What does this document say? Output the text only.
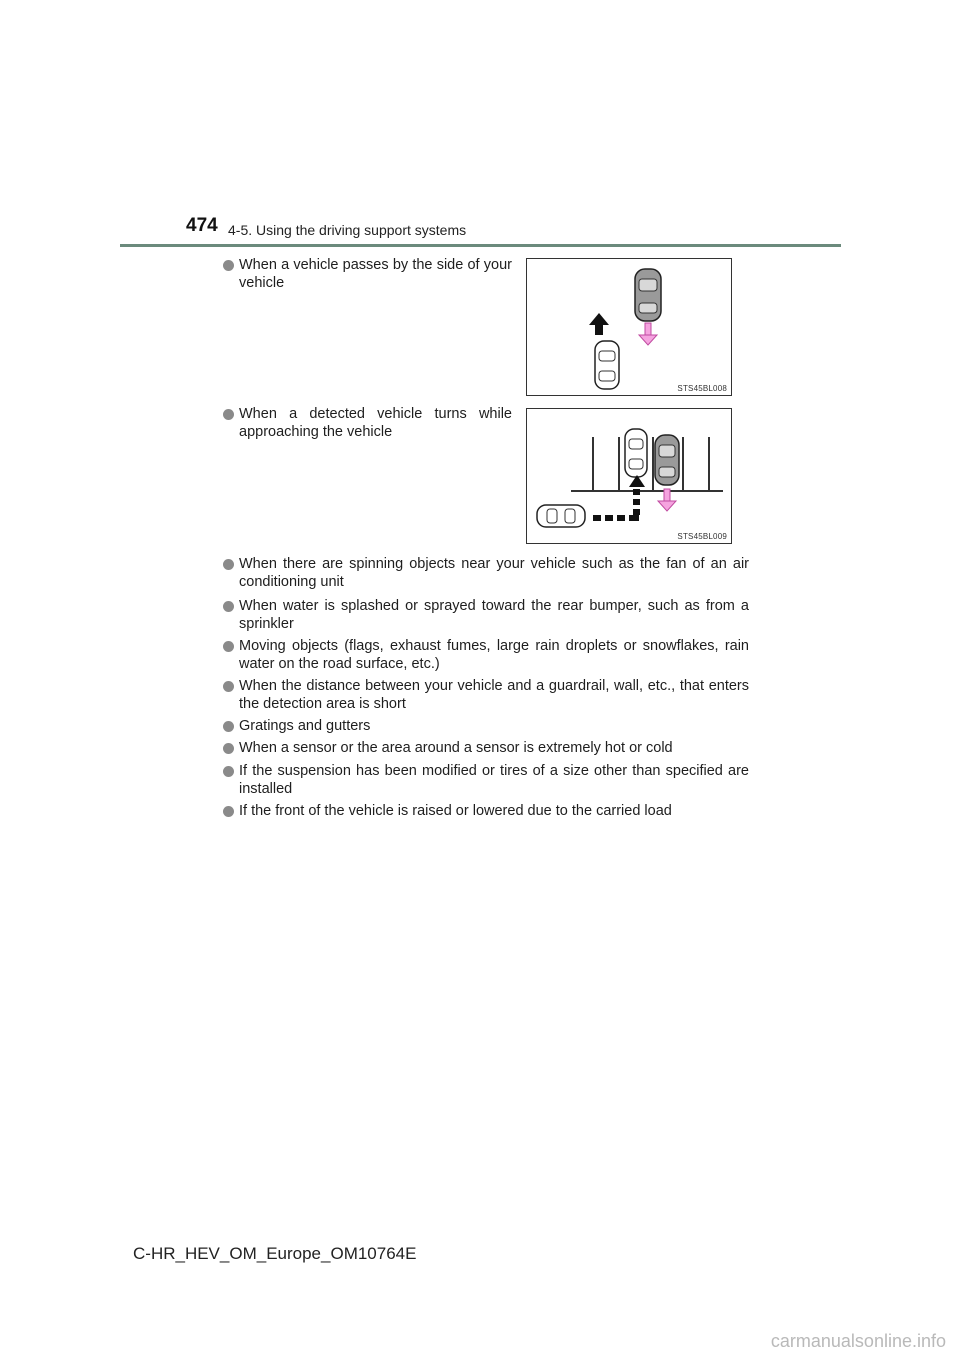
474 4-5. Using the driving support systems
When a vehicle passes by the side of your vehicle
STS45BL008
When a detected vehicle turns while approaching the vehicle
STS45BL009
When there are spinning objects near your vehicle such as the fan of an air conditioning unit
When water is splashed or sprayed toward the rear bumper, such as from a sprinkler
Moving objects (flags, exhaust fumes, large rain droplets or snowflakes, rain water on the road surface, etc.)
When the distance between your vehicle and a guardrail, wall, etc., that enters the detection area is short
Gratings and gutters
When a sensor or the area around a sensor is extremely hot or cold
If the suspension has been modified or tires of a size other than specified are installed
If the front of the vehicle is raised or lowered due to the carried load
C-HR_HEV_OM_Europe_OM10764E
carmanualsonline.info
